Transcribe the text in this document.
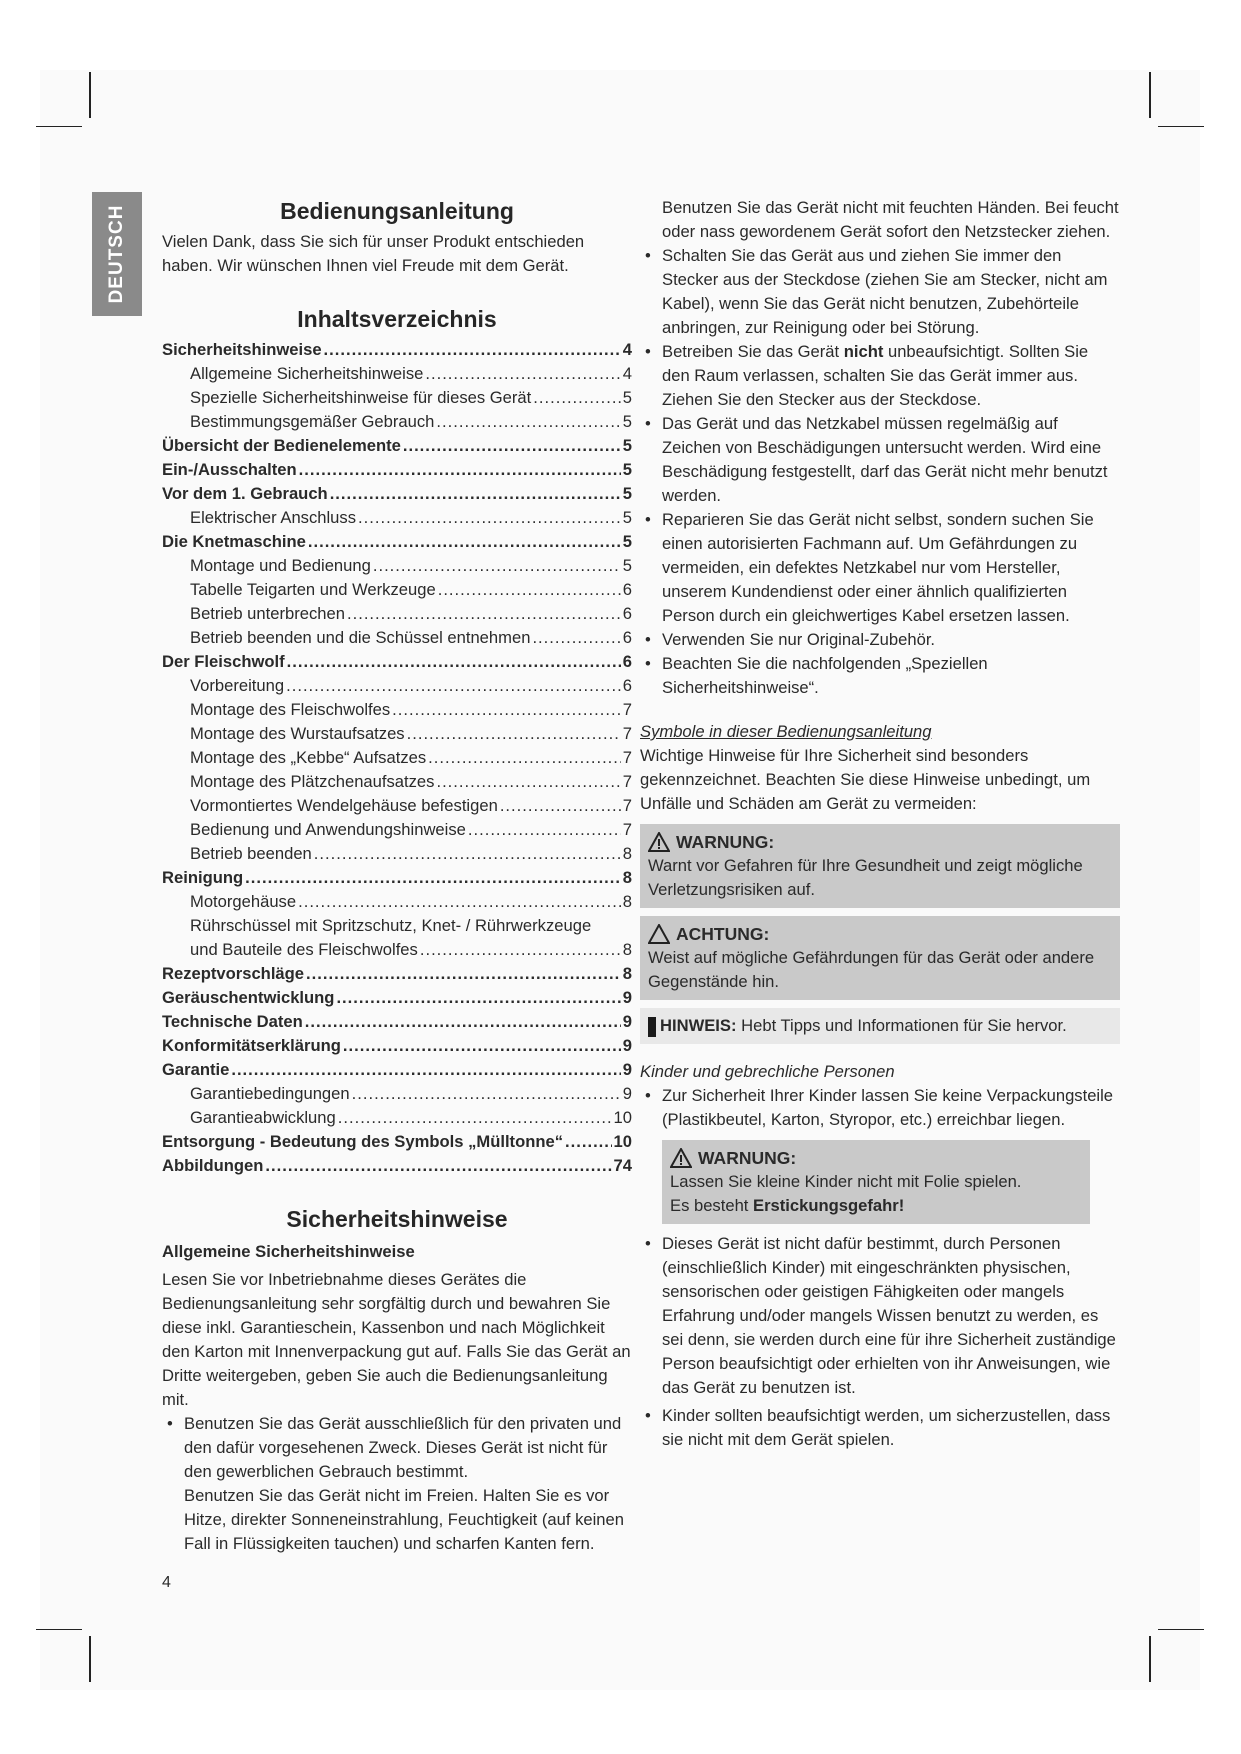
DEUTSCH	Bedienungsanleitung

Vielen Dank, dass Sie sich für unser Produkt entschieden haben. Wir wünschen Ihnen viel Freude mit dem Gerät.

Inhaltsverzeichnis
Sicherheitshinweise .....	4
Allgemeine Sicherheitshinweise .....	4
Spezielle Sicherheitshinweise für dieses Gerät .....	5
Bestimmungsgemäßer Gebrauch .....	5
Übersicht der Bedienelemente .....	5
Ein-/Ausschalten .....	5
Vor dem 1. Gebrauch .....	5
Elektrischer Anschluss .....	5
Die Knetmaschine .....	5
Montage und Bedienung .....	5
Tabelle Teigarten und Werkzeuge .....	6
Betrieb unterbrechen .....	6
Betrieb beenden und die Schüssel entnehmen .....	6
Der Fleischwolf .....	6
Vorbereitung .....	6
Montage des Fleischwolfes .....	7
Montage des Wurstaufsatzes .....	7
Montage des „Kebbe“ Aufsatzes .....	7
Montage des Plätzchenaufsatzes .....	7
Vormontiertes Wendelgehäuse befestigen .....	7
Bedienung und Anwendungshinweise .....	7
Betrieb beenden .....	8
Reinigung .....	8
Motorgehäuse .....	8
Rührschüssel mit Spritzschutz, Knet- / Rührwerkzeuge
und Bauteile des Fleischwolfes .....	8
Rezeptvorschläge .....	8
Geräuschentwicklung .....	9
Technische Daten .....	9
Konformitätserklärung .....	9
Garantie .....	9
Garantiebedingungen .....	9
Garantieabwicklung .....	10
Entsorgung - Bedeutung des Symbols „Mülltonne“ .....	10
Abbildungen .....	74
Sicherheitshinweise
Allgemeine Sicherheitshinweise

Lesen Sie vor Inbetriebnahme dieses Gerätes die Bedienungsanleitung sehr sorgfältig durch und bewahren Sie diese inkl. Garantieschein, Kassenbon und nach Möglichkeit den Karton mit Innenverpackung gut auf. Falls Sie das Gerät an Dritte weitergeben, geben Sie auch die Bedienungsanleitung mit.

• Benutzen Sie das Gerät ausschließlich für den privaten und den dafür vorgesehenen Zweck. Dieses Gerät ist nicht für den gewerblichen Gebrauch bestimmt.
Benutzen Sie das Gerät nicht im Freien. Halten Sie es vor Hitze, direkter Sonneneinstrahlung, Feuchtigkeit (auf keinen Fall in Flüssigkeiten tauchen) und scharfen Kanten fern.

Benutzen Sie das Gerät nicht mit feuchten Händen. Bei feucht oder nass gewordenem Gerät sofort den Netzstecker ziehen.

• Schalten Sie das Gerät aus und ziehen Sie immer den Stecker aus der Steckdose (ziehen Sie am Stecker, nicht am Kabel), wenn Sie das Gerät nicht benutzen, Zubehörteile anbringen, zur Reinigung oder bei Störung.
• Betreiben Sie das Gerät nicht unbeaufsichtigt. Sollten Sie den Raum verlassen, schalten Sie das Gerät immer aus. Ziehen Sie den Stecker aus der Steckdose.
• Das Gerät und das Netzkabel müssen regelmäßig auf Zeichen von Beschädigungen untersucht werden. Wird eine Beschädigung festgestellt, darf das Gerät nicht mehr benutzt werden.
• Reparieren Sie das Gerät nicht selbst, sondern suchen Sie einen autorisierten Fachmann auf. Um Gefährdungen zu vermeiden, ein defektes Netzkabel nur vom Hersteller, unserem Kundendienst oder einer ähnlich qualifizierten Person durch ein gleichwertiges Kabel ersetzen lassen.
• Verwenden Sie nur Original-Zubehör.
• Beachten Sie die nachfolgenden „Speziellen Sicherheitshinweise“.
Symbole in dieser Bedienungsanleitung

Wichtige Hinweise für Ihre Sicherheit sind besonders gekennzeichnet. Beachten Sie diese Hinweise unbedingt, um Unfälle und Schäden am Gerät zu vermeiden:

WARNUNG:

Warnt vor Gefahren für Ihre Gesundheit und zeigt mögliche Verletzungsrisiken auf.

ACHTUNG:

Weist auf mögliche Gefährdungen für das Gerät oder andere Gegenstände hin.

HINWEIS: Hebt Tipps und Informationen für Sie hervor.
Kinder und gebrechliche Personen
• Zur Sicherheit Ihrer Kinder lassen Sie keine Verpackungsteile (Plastikbeutel, Karton, Styropor, etc.) erreichbar liegen.
WARNUNG:

Lassen Sie kleine Kinder nicht mit Folie spielen.

Es besteht Erstickungsgefahr!

• Dieses Gerät ist nicht dafür bestimmt, durch Personen (einschließlich Kinder) mit eingeschränkten physischen, sensorischen oder geistigen Fähigkeiten oder mangels Erfahrung und/oder mangels Wissen benutzt zu werden, es sei denn, sie werden durch eine für ihre Sicherheit zuständige Person beaufsichtigt oder erhielten von ihr Anweisungen, wie das Gerät zu benutzen ist.
• Kinder sollten beaufsichtigt werden, um sicherzustellen, dass sie nicht mit dem Gerät spielen.
4
